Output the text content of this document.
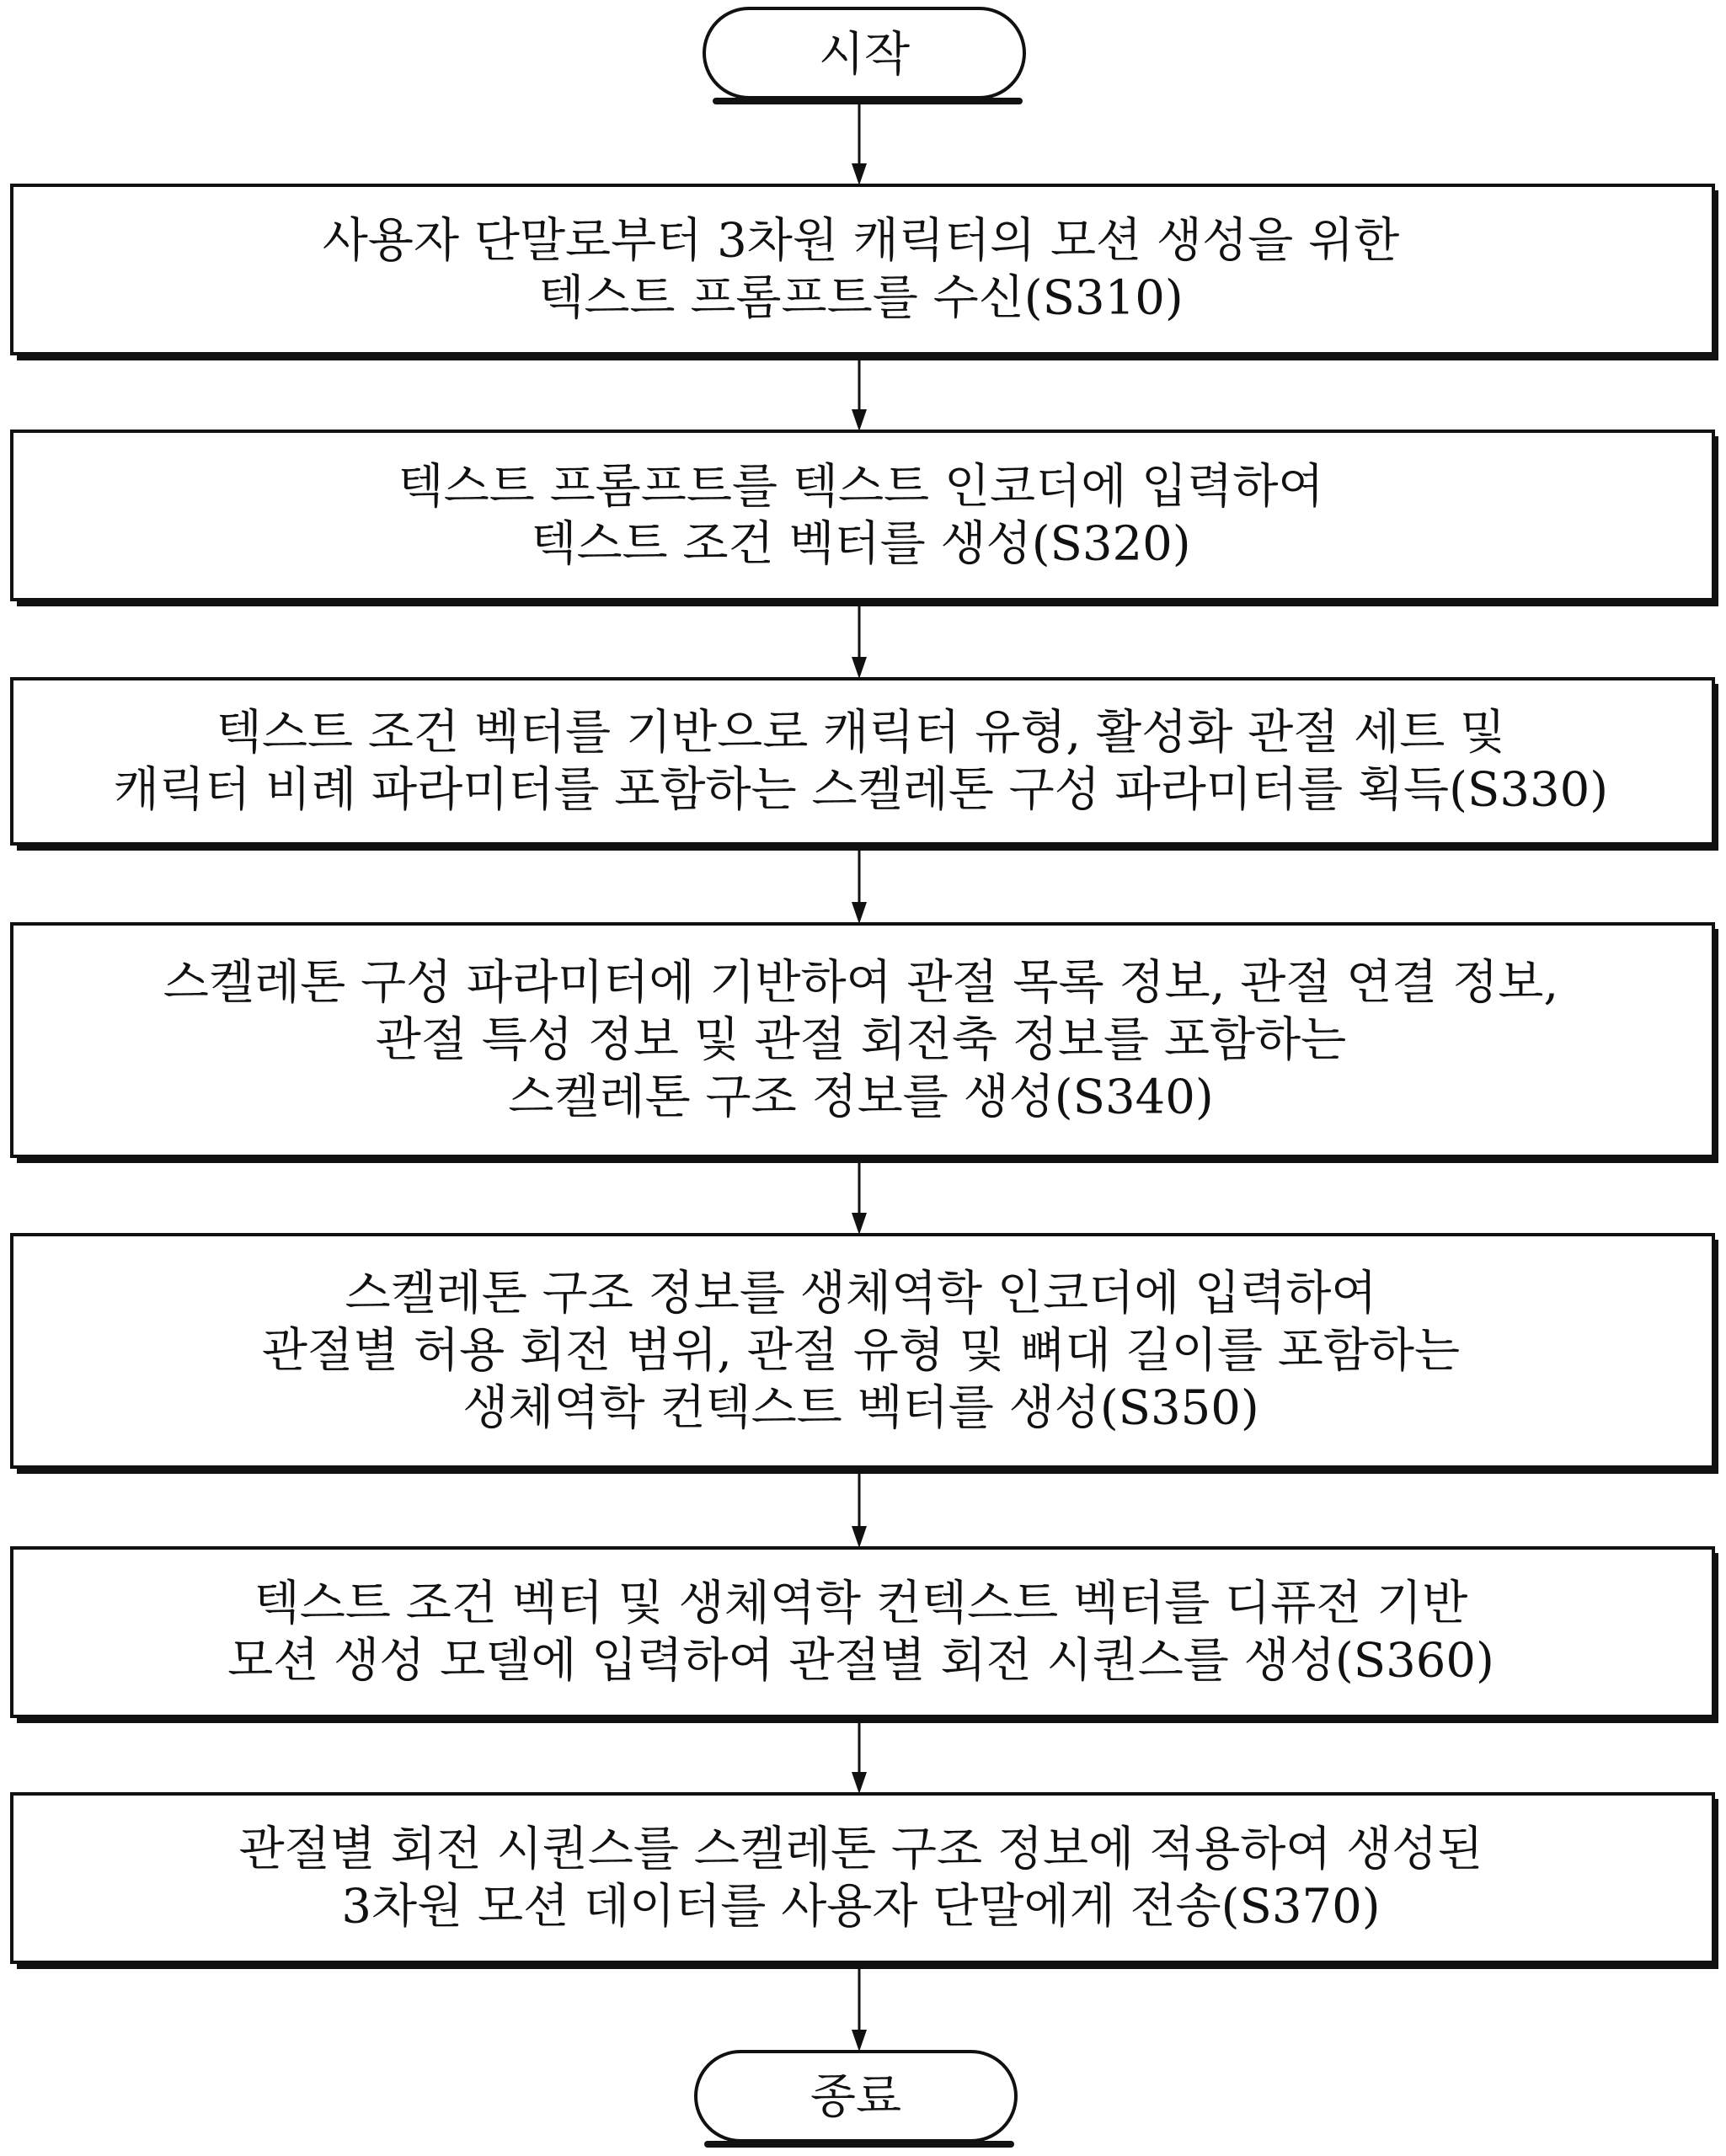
시작
사용자 단말로부터 3차원 캐릭터의 모션 생성을 위한
텍스트 프롬프트를 수신(S310)
텍스트 프롬프트를 텍스트 인코더에 입력하여
텍스트 조건 벡터를 생성(S320)
텍스트 조건 벡터를 기반으로 캐릭터 유형, 활성화 관절 세트 및
캐릭터 비례 파라미터를 포함하는 스켈레톤 구성 파라미터를 획득(S330)
스켈레톤 구성 파라미터에 기반하여 관절 목록 정보, 관절 연결 정보,
관절 특성 정보 및 관절 회전축 정보를 포함하는
스켈레톤 구조 정보를 생성(S340)
스켈레톤 구조 정보를 생체역학 인코더에 입력하여
관절별 허용 회전 범위, 관절 유형 및 뼈대 길이를 포함하는
생체역학 컨텍스트 벡터를 생성(S350)
텍스트 조건 벡터 및 생체역학 컨텍스트 벡터를 디퓨전 기반
모션 생성 모델에 입력하여 관절별 회전 시퀀스를 생성(S360)
관절별 회전 시퀀스를 스켈레톤 구조 정보에 적용하여 생성된
3차원 모션 데이터를 사용자 단말에게 전송(S370)
종료
